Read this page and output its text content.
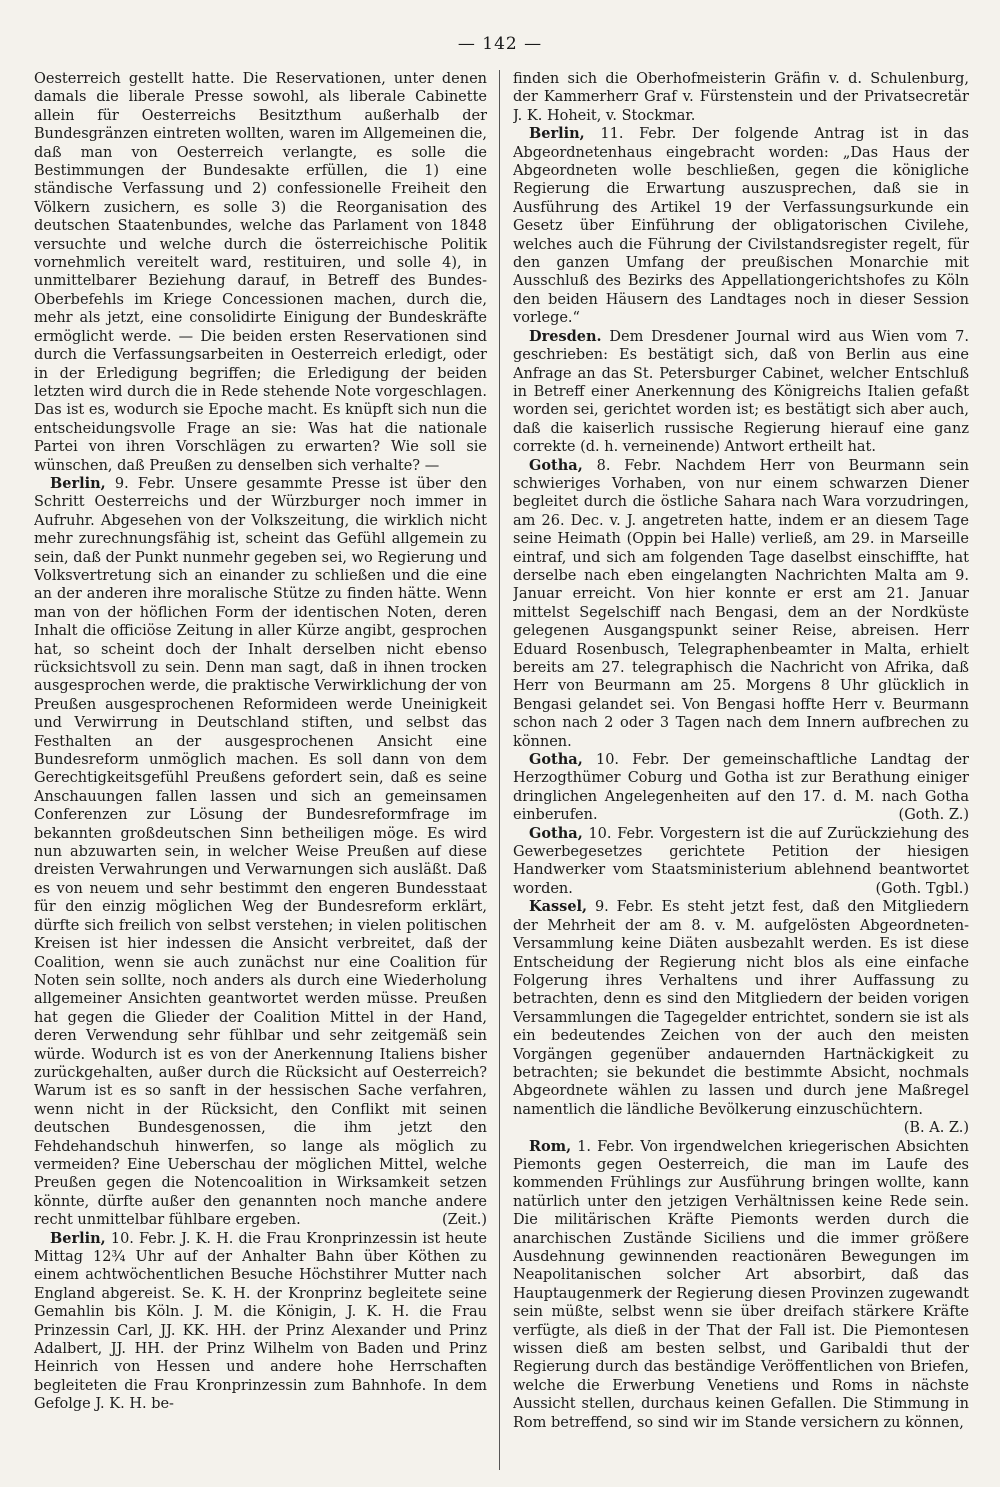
— 142 —

Oesterreich gestellt hatte. Die Reservationen, unter denen damals die liberale Presse sowohl, als liberale Cabinette allein für Oesterreichs Besitzthum außerhalb der Bundesgränzen eintreten wollten, waren im Allgemeinen die, daß man von Oesterreich verlangte, es solle die Bestimmungen der Bundesakte erfüllen, die 1) eine ständische Verfassung und 2) confessionelle Freiheit den Völkern zusichern, es solle 3) die Reorganisation des deutschen Staatenbundes, welche das Parlament von 1848 versuchte und welche durch die österreichische Politik vornehmlich vereitelt ward, restituiren, und solle 4), in unmittelbarer Beziehung darauf, in Betreff des Bundes-Oberbefehls im Kriege Concessionen machen, durch die, mehr als jetzt, eine consolidirte Einigung der Bundeskräfte ermöglicht werde. — Die beiden ersten Reservationen sind durch die Verfassungsarbeiten in Oesterreich erledigt, oder in der Erledigung begriffen; die Erledigung der beiden letzten wird durch die in Rede stehende Note vorgeschlagen. Das ist es, wodurch sie Epoche macht. Es knüpft sich nun die entscheidungsvolle Frage an sie: Was hat die nationale Partei von ihren Vorschlägen zu erwarten? Wie soll sie wünschen, daß Preußen zu denselben sich verhalte? —

Berlin, 9. Febr. Unsere gesammte Presse ist über den Schritt Oesterreichs und der Würzburger noch immer in Aufruhr. Abgesehen von der Volkszeitung, die wirklich nicht mehr zurechnungsfähig ist, scheint das Gefühl allgemein zu sein, daß der Punkt nunmehr gegeben sei, wo Regierung und Volksvertretung sich an einander zu schließen und die eine an der anderen ihre moralische Stütze zu finden hätte. Wenn man von der höflichen Form der identischen Noten, deren Inhalt die officiöse Zeitung in aller Kürze angibt, gesprochen hat, so scheint doch der Inhalt derselben nicht ebenso rücksichtsvoll zu sein. Denn man sagt, daß in ihnen trocken ausgesprochen werde, die praktische Verwirklichung der von Preußen ausgesprochenen Reformideen werde Uneinigkeit und Verwirrung in Deutschland stiften, und selbst das Festhalten an der ausgesprochenen Ansicht eine Bundesreform unmöglich machen. Es soll dann von dem Gerechtigkeitsgefühl Preußens gefordert sein, daß es seine Anschauungen fallen lassen und sich an gemeinsamen Conferenzen zur Lösung der Bundesreformfrage im bekannten großdeutschen Sinn betheiligen möge. Es wird nun abzuwarten sein, in welcher Weise Preußen auf diese dreisten Verwahrungen und Verwarnungen sich ausläßt. Daß es von neuem und sehr bestimmt den engeren Bundesstaat für den einzig möglichen Weg der Bundesreform erklärt, dürfte sich freilich von selbst verstehen; in vielen politischen Kreisen ist hier indessen die Ansicht verbreitet, daß der Coalition, wenn sie auch zunächst nur eine Coalition für Noten sein sollte, noch anders als durch eine Wiederholung allgemeiner Ansichten geantwortet werden müsse. Preußen hat gegen die Glieder der Coalition Mittel in der Hand, deren Verwendung sehr fühlbar und sehr zeitgemäß sein würde. Wodurch ist es von der Anerkennung Italiens bisher zurückgehalten, außer durch die Rücksicht auf Oesterreich? Warum ist es so sanft in der hessischen Sache verfahren, wenn nicht in der Rücksicht, den Conflikt mit seinen deutschen Bundesgenossen, die ihm jetzt den Fehdehandschuh hinwerfen, so lange als möglich zu vermeiden? Eine Ueberschau der möglichen Mittel, welche Preußen gegen die Notencoalition in Wirksamkeit setzen könnte, dürfte außer den genannten noch manche andere recht unmittelbar fühlbare ergeben.	(Zeit.)

Berlin, 10. Febr. J. K. H. die Frau Kronprinzessin ist heute Mittag 12¾ Uhr auf der Anhalter Bahn über Köthen zu einem achtwöchentlichen Besuche Höchstihrer Mutter nach England abgereist. Se. K. H. der Kronprinz begleitete seine Gemahlin bis Köln. J. M. die Königin, J. K. H. die Frau Prinzessin Carl, JJ. KK. HH. der Prinz Alexander und Prinz Adalbert, JJ. HH. der Prinz Wilhelm von Baden und Prinz Heinrich von Hessen und andere hohe Herrschaften begleiteten die Frau Kronprinzessin zum Bahnhofe. In dem Gefolge J. K. H. be-

finden sich die Oberhofmeisterin Gräfin v. d. Schulenburg, der Kammerherr Graf v. Fürstenstein und der Privatsecretär J. K. Hoheit, v. Stockmar.

Berlin, 11. Febr. Der folgende Antrag ist in das Abgeordnetenhaus eingebracht worden: „Das Haus der Abgeordneten wolle beschließen, gegen die königliche Regierung die Erwartung auszusprechen, daß sie in Ausführung des Artikel 19 der Verfassungsurkunde ein Gesetz über Einführung der obligatorischen Civilehe, welches auch die Führung der Civilstandsregister regelt, für den ganzen Umfang der preußischen Monarchie mit Ausschluß des Bezirks des Appellationgerichtshofes zu Köln den beiden Häusern des Landtages noch in dieser Session vorlege.“

Dresden. Dem Dresdener Journal wird aus Wien vom 7. geschrieben: Es bestätigt sich, daß von Berlin aus eine Anfrage an das St. Petersburger Cabinet, welcher Entschluß in Betreff einer Anerkennung des Königreichs Italien gefaßt worden sei, gerichtet worden ist; es bestätigt sich aber auch, daß die kaiserlich russische Regierung hierauf eine ganz correkte (d. h. verneinende) Antwort ertheilt hat.

Gotha, 8. Febr. Nachdem Herr von Beurmann sein schwieriges Vorhaben, von nur einem schwarzen Diener begleitet durch die östliche Sahara nach Wara vorzudringen, am 26. Dec. v. J. angetreten hatte, indem er an diesem Tage seine Heimath (Oppin bei Halle) verließ, am 29. in Marseille eintraf, und sich am folgenden Tage daselbst einschiffte, hat derselbe nach eben eingelangten Nachrichten Malta am 9. Januar erreicht. Von hier konnte er erst am 21. Januar mittelst Segelschiff nach Bengasi, dem an der Nordküste gelegenen Ausgangspunkt seiner Reise, abreisen. Herr Eduard Rosenbusch, Telegraphenbeamter in Malta, erhielt bereits am 27. telegraphisch die Nachricht von Afrika, daß Herr von Beurmann am 25. Morgens 8 Uhr glücklich in Bengasi gelandet sei. Von Bengasi hoffte Herr v. Beurmann schon nach 2 oder 3 Tagen nach dem Innern aufbrechen zu können.

Gotha, 10. Febr. Der gemeinschaftliche Landtag der Herzogthümer Coburg und Gotha ist zur Berathung einiger dringlichen Angelegenheiten auf den 17. d. M. nach Gotha einberufen.	(Goth. Z.)

Gotha, 10. Febr. Vorgestern ist die auf Zurückziehung des Gewerbegesetzes gerichtete Petition der hiesigen Handwerker vom Staatsministerium ablehnend beantwortet worden.	(Goth. Tgbl.)

Kassel, 9. Febr. Es steht jetzt fest, daß den Mitgliedern der Mehrheit der am 8. v. M. aufgelösten Abgeordneten-Versammlung keine Diäten ausbezahlt werden. Es ist diese Entscheidung der Regierung nicht blos als eine einfache Folgerung ihres Verhaltens und ihrer Auffassung zu betrachten, denn es sind den Mitgliedern der beiden vorigen Versammlungen die Tagegelder entrichtet, sondern sie ist als ein bedeutendes Zeichen von der auch den meisten Vorgängen gegenüber andauernden Hartnäckigkeit zu betrachten; sie bekundet die bestimmte Absicht, nochmals Abgeordnete wählen zu lassen und durch jene Maßregel namentlich die ländliche Bevölkerung einzuschüchtern.
(B. A. Z.)

Rom, 1. Febr. Von irgendwelchen kriegerischen Absichten Piemonts gegen Oesterreich, die man im Laufe des kommenden Frühlings zur Ausführung bringen wollte, kann natürlich unter den jetzigen Verhältnissen keine Rede sein. Die militärischen Kräfte Piemonts werden durch die anarchischen Zustände Siciliens und die immer größere Ausdehnung gewinnenden reactionären Bewegungen im Neapolitanischen solcher Art absorbirt, daß das Hauptaugenmerk der Regierung diesen Provinzen zugewandt sein müßte, selbst wenn sie über dreifach stärkere Kräfte verfügte, als dieß in der That der Fall ist. Die Piemontesen wissen dieß am besten selbst, und Garibaldi thut der Regierung durch das beständige Veröffentlichen von Briefen, welche die Erwerbung Venetiens und Roms in nächste Aussicht stellen, durchaus keinen Gefallen. Die Stimmung in Rom betreffend, so sind wir im Stande versichern zu können,
